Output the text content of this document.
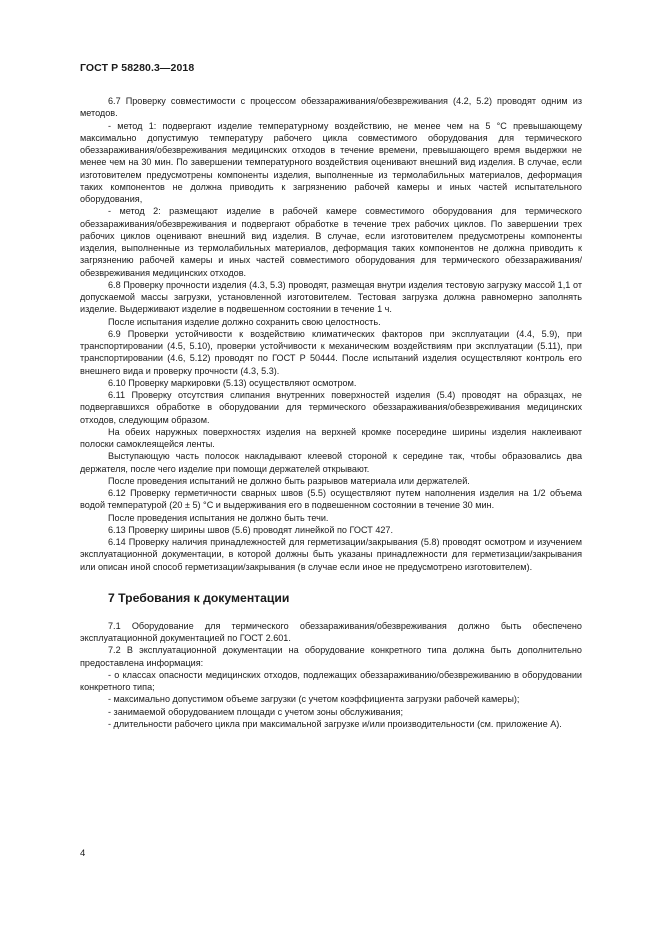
ГОСТ Р 58280.3—2018

6.7 Проверку совместимости с процессом обеззараживания/обезвреживания (4.2, 5.2) проводят одним из методов.

- метод 1: подвергают изделие температурному воздействию, не менее чем на 5 °С превышающему максимально допустимую температуру рабочего цикла совместимого оборудования для термического обеззараживания/обезвреживания медицинских отходов в течение времени, превышающего время выдержки не менее чем на 30 мин. По завершении температурного воздействия оценивают внешний вид изделия. В случае, если изготовителем предусмотрены компоненты изделия, выполненные из термолабильных материалов, деформация таких компонентов не должна приводить к загрязнению рабочей камеры и иных частей испытательного оборудования,

- метод 2: размещают изделие в рабочей камере совместимого оборудования для термического обеззараживания/обезвреживания и подвергают обработке в течение трех рабочих циклов. По завершении трех рабочих циклов оценивают внешний вид изделия. В случае, если изготовителем предусмотрены компоненты изделия, выполненные из термолабильных материалов, деформация таких компонентов не должна приводить к загрязнению рабочей камеры и иных частей совместимого оборудования для термического обеззараживания/обезвреживания медицинских отходов.

6.8 Проверку прочности изделия (4.3, 5.3) проводят, размещая внутри изделия тестовую загрузку массой 1,1 от допускаемой массы загрузки, установленной изготовителем. Тестовая загрузка должна равномерно заполнять изделие. Выдерживают изделие в подвешенном состоянии в течение 1 ч.

После испытания изделие должно сохранить свою целостность.

6.9 Проверки устойчивости к воздействию климатических факторов при эксплуатации (4.4, 5.9), при транспортировании (4.5, 5.10), проверки устойчивости к механическим воздействиям при эксплуатации (5.11), при транспортировании (4.6, 5.12) проводят по ГОСТ Р 50444. После испытаний изделия осуществляют контроль его внешнего вида и проверку прочности (4.3, 5.3).

6.10 Проверку маркировки (5.13) осуществляют осмотром.

6.11 Проверку отсутствия слипания внутренних поверхностей изделия (5.4) проводят на образцах, не подвергавшихся обработке в оборудовании для термического обеззараживания/обезвреживания медицинских отходов, следующим образом.

На обеих наружных поверхностях изделия на верхней кромке посередине ширины изделия наклеивают полоски самоклеящейся ленты.

Выступающую часть полосок накладывают клеевой стороной к середине так, чтобы образовались два держателя, после чего изделие при помощи держателей открывают.

После проведения испытаний не должно быть разрывов материала или держателей.

6.12 Проверку герметичности сварных швов (5.5) осуществляют путем наполнения изделия на 1/2 объема водой температурой (20 ± 5) °С и выдерживания его в подвешенном состоянии в течение 30 мин.

После проведения испытания не должно быть течи.

6.13 Проверку ширины швов (5.6) проводят линейкой по ГОСТ 427.

6.14 Проверку наличия принадлежностей для герметизации/закрывания (5.8) проводят осмотром и изучением эксплуатационной документации, в которой должны быть указаны принадлежности для герметизации/закрывания или описан иной способ герметизации/закрывания (в случае если иное не предусмотрено изготовителем).

7 Требования к документации

7.1 Оборудование для термического обеззараживания/обезвреживания должно быть обеспечено эксплуатационной документацией по ГОСТ 2.601.

7.2 В эксплуатационной документации на оборудование конкретного типа должна быть дополнительно предоставлена информация:

- о классах опасности медицинских отходов, подлежащих обеззараживанию/обезвреживанию в оборудовании конкретного типа;

- максимально допустимом объеме загрузки (с учетом коэффициента загрузки рабочей камеры);

- занимаемой оборудованием площади с учетом зоны обслуживания;

- длительности рабочего цикла при максимальной загрузке и/или производительности (см. приложение А).

4
